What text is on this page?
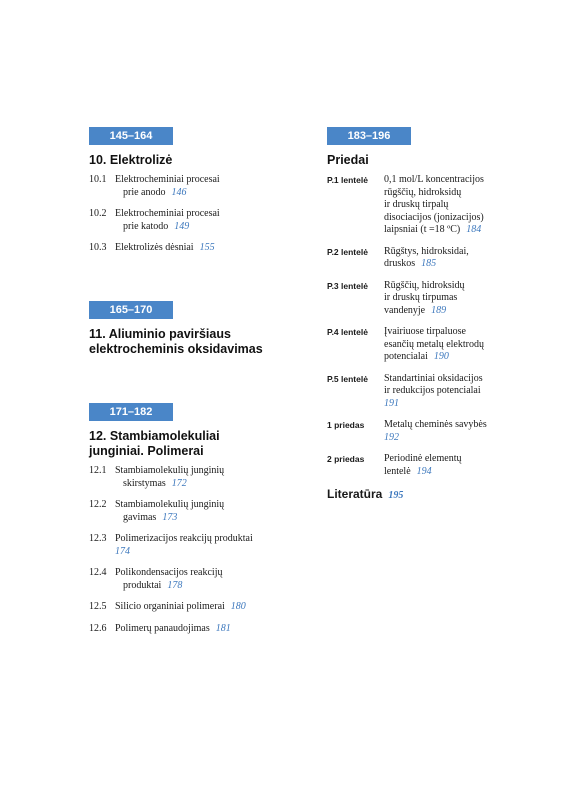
145–164
10. Elektrolizė
10.1 Elektrocheminiai procesai
prie anodo 146
10.2 Elektrocheminiai procesai
prie katodo 149
10.3 Elektrolizės dėsniai 155
165–170
11. Aliuminio paviršiaus
elektrocheminis oksidavimas
171–182
12. Stambiamolekuliai
junginiai. Polimerai
12.1 Stambiamolekulių junginių
skirstymas 172
12.2 Stambiamolekulių junginių
gavimas 173
12.3 Polimerizacijos reakcijų produktai
174
12.4 Polikondensacijos reakcijų
produktai 178
12.5 Silicio organiniai polimerai 180
12.6 Polimerų panaudojimas 181
183–196
Priedai
P.1 lentelė	0,1 mol/L koncentracijos
rūgščių, hidroksidų
ir druskų tirpalų
disociacijos (jonizacijos)
laipsniai (t =18 ºC) 184
P.2 lentelė	Rūgštys, hidroksidai,
druskos 185
P.3 lentelė	Rūgščių, hidroksidų
ir druskų tirpumas
vandenyje 189
P.4 lentelė	Įvairiuose tirpaluose
esančių metalų elektrodų
potencialai 190
P.5 lentelė	Standartiniai oksidacijos
ir redukcijos potencialai
191
1 priedas	Metalų cheminės savybės
192
2 priedas	Periodinė elementų
lentelė 194
Literatūra 195
